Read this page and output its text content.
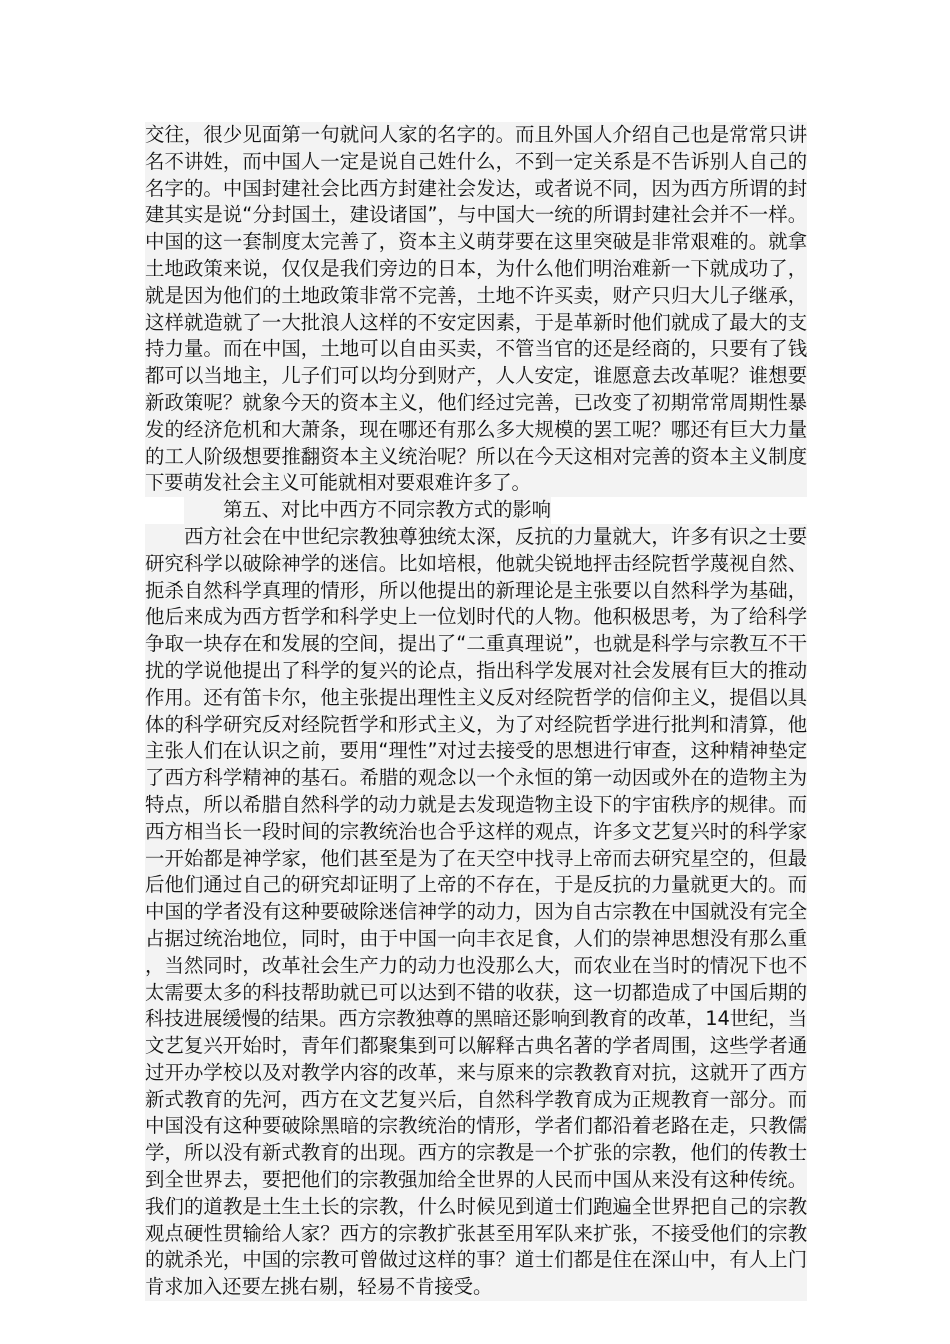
交往，很少见面第一句就问人家的名字的。而且外国人介绍自己也是常常只讲名不讲姓，而中国人一定是说自己姓什么，不到一定关系是不告诉别人自己的名字的。中国封建社会比西方封建社会发达，或者说不同，因为西方所谓的封建其实是说“分封国土，建设诸国”，与中国大一统的所谓封建社会并不一样。中国的这一套制度太完善了，资本主义萌芽要在这里突破是非常艰难的。就拿土地政策来说，仅仅是我们旁边的日本，为什么他们明治难新一下就成功了，就是因为他们的土地政策非常不完善，土地不许买卖，财产只归大儿子继承，这样就造就了一大批浪人这样的不安定因素，于是革新时他们就成了最大的支持力量。而在中国，土地可以自由买卖，不管当官的还是经商的，只要有了钱都可以当地主，儿子们可以均分到财产，人人安定，谁愿意去改革呢？谁想要新政策呢？就象今天的资本主义，他们经过完善，已改变了初期常常周期性暴发的经济危机和大萧条，现在哪还有那么多大规模的罢工呢？哪还有巨大力量的工人阶级想要推翻资本主义统治呢？所以在今天这相对完善的资本主义制度下要萌发社会主义可能就相对要艰难许多了。

第五、对比中西方不同宗教方式的影响

西方社会在中世纪宗教独尊独统太深，反抗的力量就大，许多有识之士要研究科学以破除神学的迷信。比如培根，他就尖锐地抨击经院哲学蔑视自然、扼杀自然科学真理的情形，所以他提出的新理论是主张要以自然科学为基础，他后来成为西方哲学和科学史上一位划时代的人物。他积极思考，为了给科学争取一块存在和发展的空间，提出了“二重真理说”，也就是科学与宗教互不干扰的学说他提出了科学的复兴的论点，指出科学发展对社会发展有巨大的推动作用。还有笛卡尔，他主张提出理性主义反对经院哲学的信仰主义，提倡以具体的科学研究反对经院哲学和形式主义，为了对经院哲学进行批判和清算，他主张人们在认识之前，要用“理性”对过去接受的思想进行审查，这种精神垫定了西方科学精神的基石。希腊的观念以一个永恒的第一动因或外在的造物主为特点，所以希腊自然科学的动力就是去发现造物主设下的宇宙秩序的规律。而西方相当长一段时间的宗教统治也合乎这样的观点，许多文艺复兴时的科学家一开始都是神学家，他们甚至是为了在天空中找寻上帝而去研究星空的，但最后他们通过自己的研究却证明了上帝的不存在，于是反抗的力量就更大的。而中国的学者没有这种要破除迷信神学的动力，因为自古宗教在中国就没有完全占据过统治地位，同时，由于中国一向丰衣足食，人们的崇神思想没有那么重，当然同时，改革社会生产力的动力也没那么大，而农业在当时的情况下也不太需要太多的科技帮助就已可以达到不错的收获，这一切都造成了中国后期的科技进展缓慢的结果。西方宗教独尊的黑暗还影响到教育的改革，14世纪，当文艺复兴开始时，青年们都聚集到可以解释古典名著的学者周围，这些学者通过开办学校以及对教学内容的改革，来与原来的宗教教育对抗，这就开了西方新式教育的先河，西方在文艺复兴后，自然科学教育成为正规教育一部分。而中国没有这种要破除黑暗的宗教统治的情形，学者们都沿着老路在走，只教儒学，所以没有新式教育的出现。西方的宗教是一个扩张的宗教，他们的传教士到全世界去，要把他们的宗教强加给全世界的人民而中国从来没有这种传统。我们的道教是土生土长的宗教，什么时候见到道士们跑遍全世界把自己的宗教观点硬性贯输给人家？西方的宗教扩张甚至用军队来扩张，不接受他们的宗教的就杀光，中国的宗教可曾做过这样的事？道士们都是住在深山中，有人上门肯求加入还要左挑右剔，轻易不肯接受。
